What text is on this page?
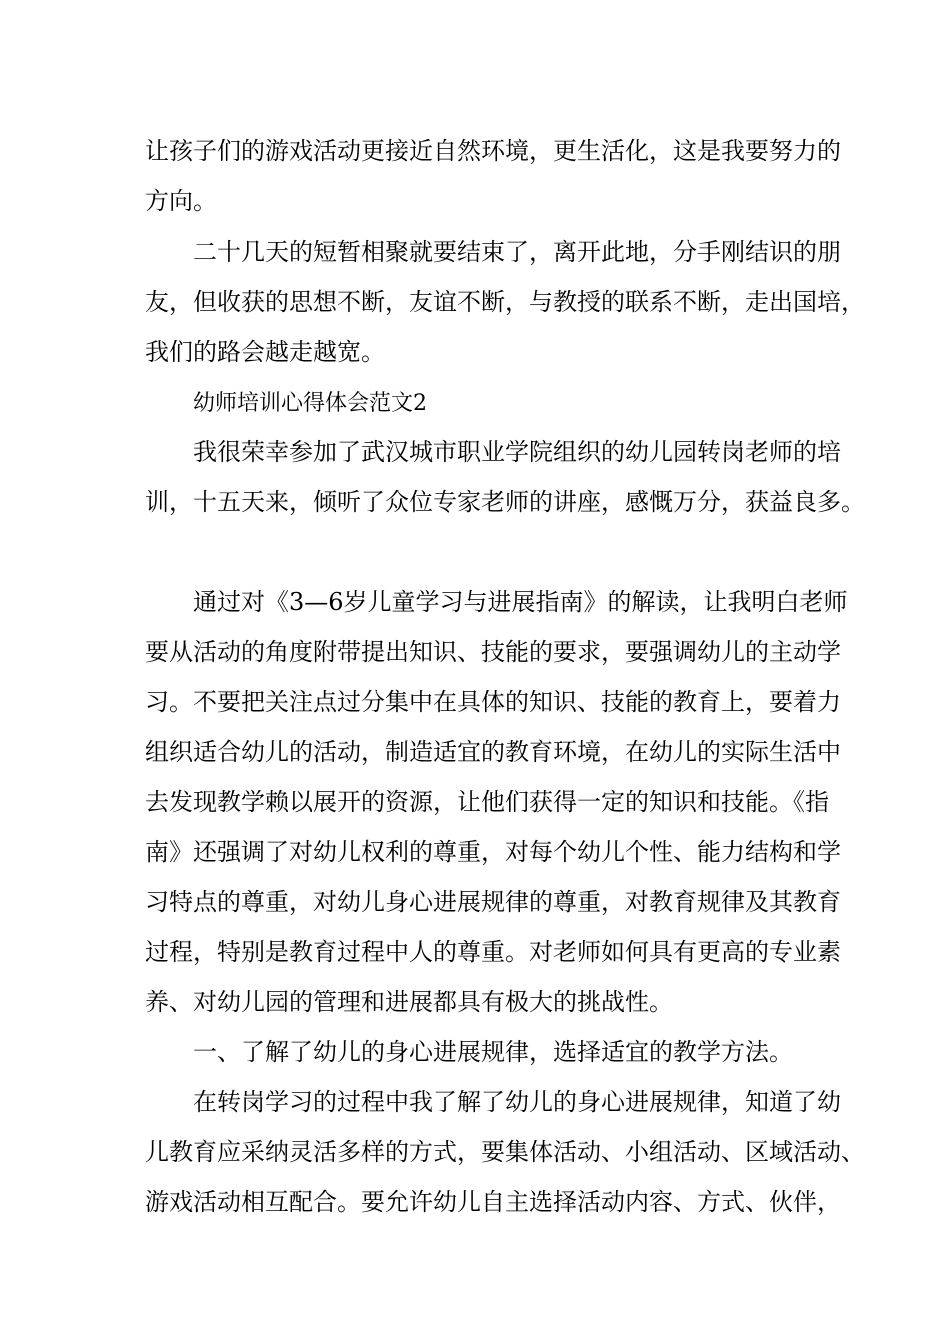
让孩子们的游戏活动更接近自然环境，更生活化，这是我要努力的
方向。
二十几天的短暂相聚就要结束了，离开此地，分手刚结识的朋
友，但收获的思想不断，友谊不断，与教授的联系不断，走出国培，
我们的路会越走越宽。
幼师培训心得体会范文2
我很荣幸参加了武汉城市职业学院组织的幼儿园转岗老师的培
训，十五天来，倾听了众位专家老师的讲座，感慨万分，获益良多。
通过对《3—6岁儿童学习与进展指南》的解读，让我明白老师
要从活动的角度附带提出知识、技能的要求，要强调幼儿的主动学
习。不要把关注点过分集中在具体的知识、技能的教育上，要着力
组织适合幼儿的活动，制造适宜的教育环境，在幼儿的实际生活中
去发现教学赖以展开的资源，让他们获得一定的知识和技能。《指
南》还强调了对幼儿权利的尊重，对每个幼儿个性、能力结构和学
习特点的尊重，对幼儿身心进展规律的尊重，对教育规律及其教育
过程，特别是教育过程中人的尊重。对老师如何具有更高的专业素
养、对幼儿园的管理和进展都具有极大的挑战性。
一、了解了幼儿的身心进展规律，选择适宜的教学方法。
在转岗学习的过程中我了解了幼儿的身心进展规律，知道了幼
儿教育应采纳灵活多样的方式，要集体活动、小组活动、区域活动、
游戏活动相互配合。要允许幼儿自主选择活动内容、方式、伙伴，
